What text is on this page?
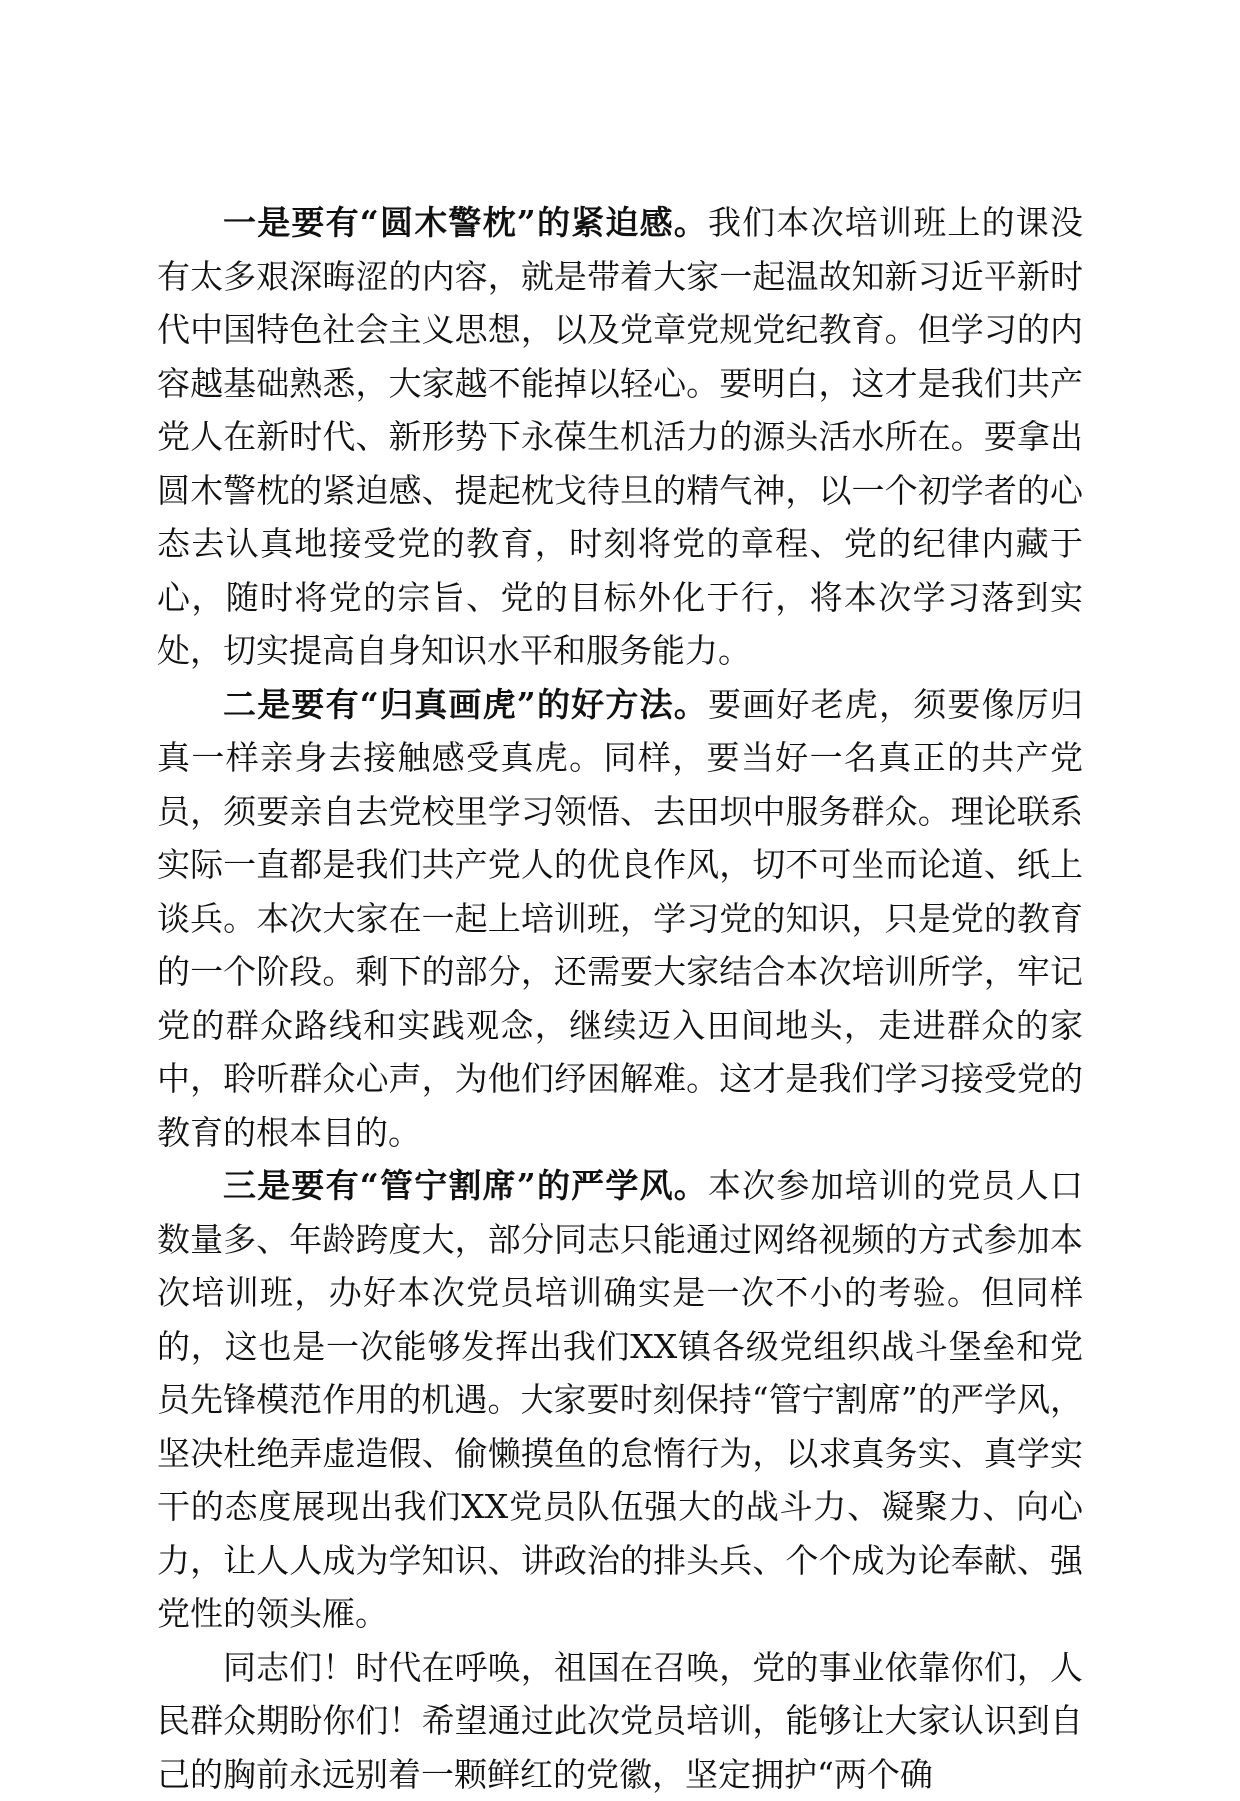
一是要有“圆木警枕”的紧迫感。我们本次培训班上的课没有太多艰深晦涩的内容，就是带着大家一起温故知新习近平新时代中国特色社会主义思想，以及党章党规党纪教育。但学习的内容越基础熟悉，大家越不能掉以轻心。要明白，这才是我们共产党人在新时代、新形势下永葆生机活力的源头活水所在。要拿出圆木警枕的紧迫感、提起枕戈待旦的精气神，以一个初学者的心态去认真地接受党的教育，时刻将党的章程、党的纪律内藏于心，随时将党的宗旨、党的目标外化于行，将本次学习落到实处，切实提高自身知识水平和服务能力。

二是要有“归真画虎”的好方法。要画好老虎，须要像厉归真一样亲身去接触感受真虎。同样，要当好一名真正的共产党员，须要亲自去党校里学习领悟、去田坝中服务群众。理论联系实际一直都是我们共产党人的优良作风，切不可坐而论道、纸上谈兵。本次大家在一起上培训班，学习党的知识，只是党的教育的一个阶段。剩下的部分，还需要大家结合本次培训所学，牢记党的群众路线和实践观念，继续迈入田间地头，走进群众的家中，聆听群众心声，为他们纾困解难。这才是我们学习接受党的教育的根本目的。

三是要有“管宁割席”的严学风。本次参加培训的党员人口数量多、年龄跨度大，部分同志只能通过网络视频的方式参加本次培训班，办好本次党员培训确实是一次不小的考验。但同样的，这也是一次能够发挥出我们XX镇各级党组织战斗堡垒和党员先锋模范作用的机遇。大家要时刻保持“管宁割席”的严学风，坚决杜绝弄虚造假、偷懒摸鱼的怠惰行为，以求真务实、真学实干的态度展现出我们XX党员队伍强大的战斗力、凝聚力、向心力，让人人成为学知识、讲政治的排头兵、个个成为论奉献、强党性的领头雁。

同志们！时代在呼唤，祖国在召唤，党的事业依靠你们，人民群众期盼你们！希望通过此次党员培训，能够让大家认识到自己的胸前永远别着一颗鲜红的党徽，坚定拥护“两个确
